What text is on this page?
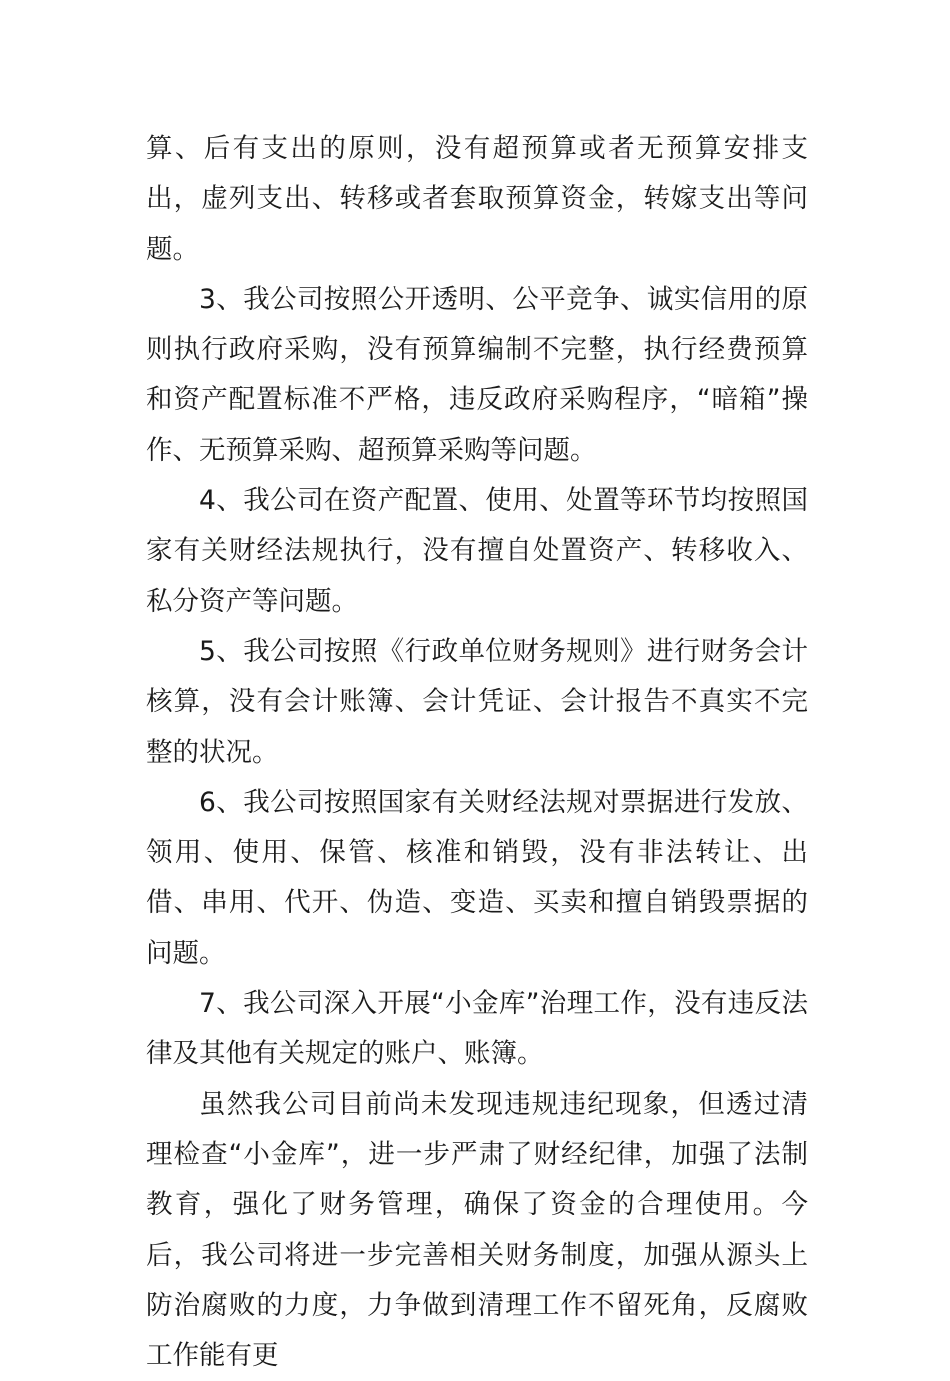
算、后有支出的原则，没有超预算或者无预算安排支出，虚列支出、转移或者套取预算资金，转嫁支出等问题。

3、我公司按照公开透明、公平竞争、诚实信用的原则执行政府采购，没有预算编制不完整，执行经费预算和资产配置标准不严格，违反政府采购程序，“暗箱”操作、无预算采购、超预算采购等问题。

4、我公司在资产配置、使用、处置等环节均按照国家有关财经法规执行，没有擅自处置资产、转移收入、私分资产等问题。

5、我公司按照《行政单位财务规则》进行财务会计核算，没有会计账簿、会计凭证、会计报告不真实不完整的状况。

6、我公司按照国家有关财经法规对票据进行发放、领用、使用、保管、核准和销毁，没有非法转让、出借、串用、代开、伪造、变造、买卖和擅自销毁票据的问题。

7、我公司深入开展“小金库”治理工作，没有违反法律及其他有关规定的账户、账簿。

虽然我公司目前尚未发现违规违纪现象，但透过清理检查“小金库”，进一步严肃了财经纪律，加强了法制教育，强化了财务管理，确保了资金的合理使用。今后，我公司将进一步完善相关财务制度，加强从源头上防治腐败的力度，力争做到清理工作不留死角，反腐败工作能有更
